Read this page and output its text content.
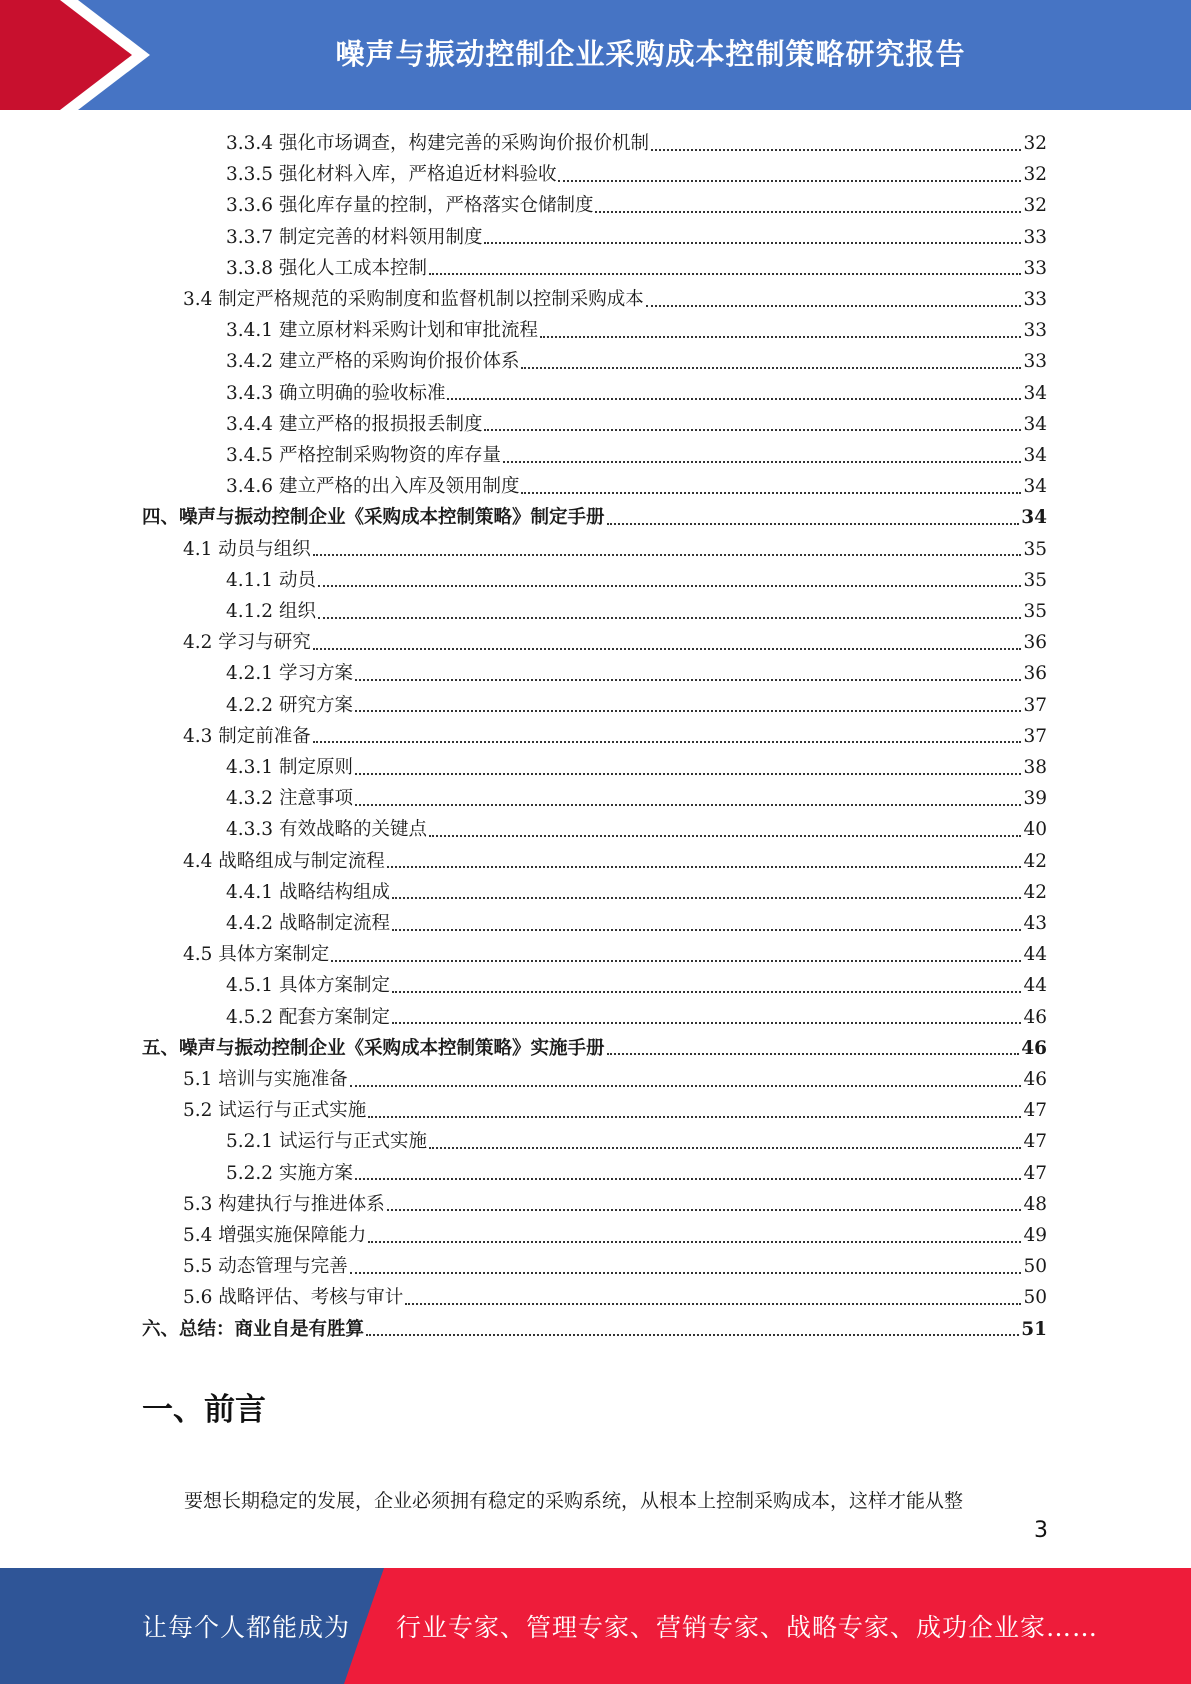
噪声与振动控制企业采购成本控制策略研究报告
3.3.4 强化市场调查，构建完善的采购询价报价机制	32
3.3.5 强化材料入库，严格追近材料验收	32
3.3.6 强化库存量的控制，严格落实仓储制度	32
3.3.7 制定完善的材料领用制度	33
3.3.8 强化人工成本控制	33
3.4 制定严格规范的采购制度和监督机制以控制采购成本	33
3.4.1 建立原材料采购计划和审批流程	33
3.4.2 建立严格的采购询价报价体系	33
3.4.3 确立明确的验收标准	34
3.4.4 建立严格的报损报丢制度	34
3.4.5 严格控制采购物资的库存量	34
3.4.6 建立严格的出入库及领用制度	34
四、噪声与振动控制企业《采购成本控制策略》制定手册	34
4.1 动员与组织	35
4.1.1 动员	35
4.1.2 组织	35
4.2 学习与研究	36
4.2.1 学习方案	36
4.2.2 研究方案	37
4.3 制定前准备	37
4.3.1 制定原则	38
4.3.2 注意事项	39
4.3.3 有效战略的关键点	40
4.4 战略组成与制定流程	42
4.4.1 战略结构组成	42
4.4.2 战略制定流程	43
4.5 具体方案制定	44
4.5.1 具体方案制定	44
4.5.2 配套方案制定	46
五、噪声与振动控制企业《采购成本控制策略》实施手册	46
5.1 培训与实施准备	46
5.2 试运行与正式实施	47
5.2.1 试运行与正式实施	47
5.2.2 实施方案	47
5.3 构建执行与推进体系	48
5.4 增强实施保障能力	49
5.5 动态管理与完善	50
5.6 战略评估、考核与审计	50
六、总结：商业自是有胜算	51
一、前言
要想长期稳定的发展，企业必须拥有稳定的采购系统，从根本上控制采购成本，这样才能从整
3
让每个人都能成为 行业专家、管理专家、营销专家、战略专家、成功企业家……
